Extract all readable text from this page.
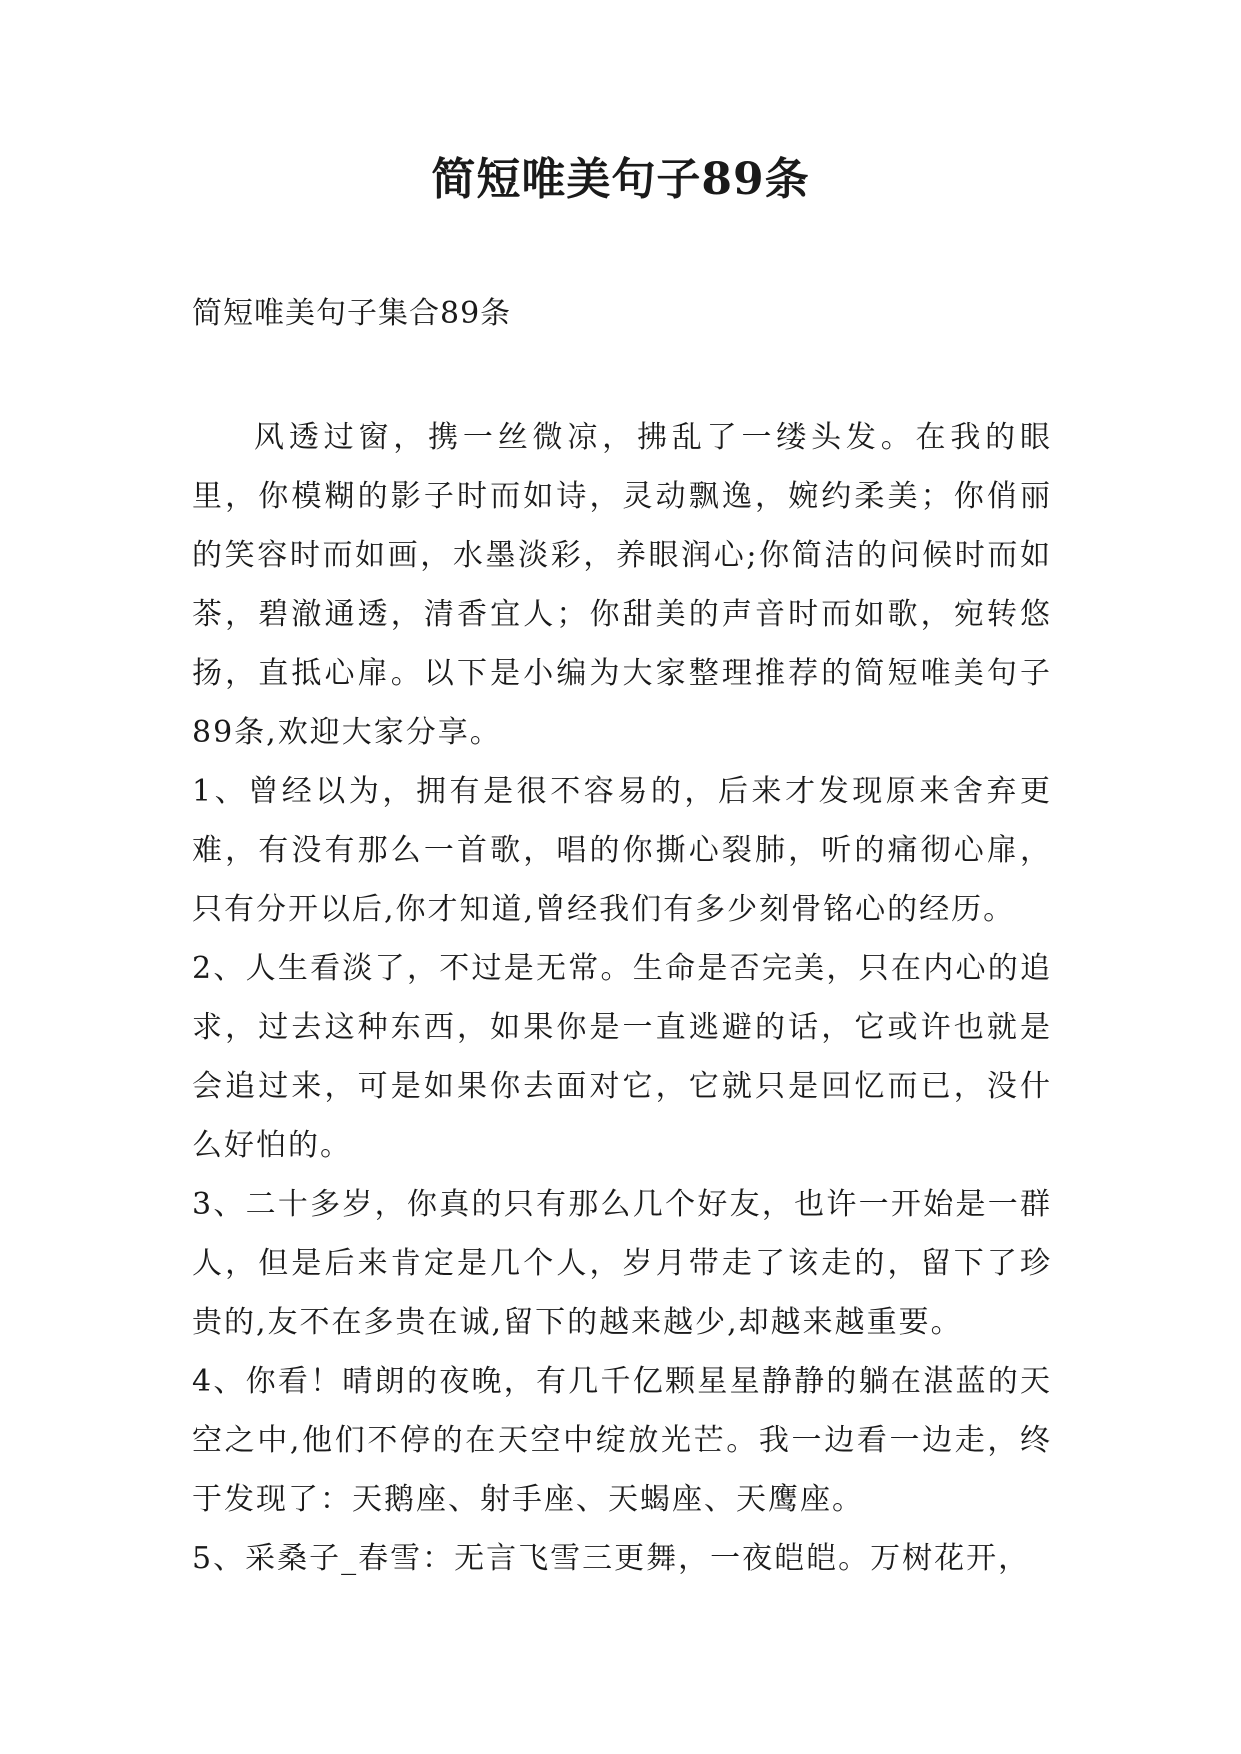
简短唯美句子89条
简短唯美句子集合89条

风透过窗，携一丝微凉，拂乱了一缕头发。在我的眼里，你模糊的影子时而如诗，灵动飘逸，婉约柔美；你俏丽的笑容时而如画，水墨淡彩，养眼润心;你简洁的问候时而如茶，碧澈通透，清香宜人；你甜美的声音时而如歌，宛转悠扬，直抵心扉。以下是小编为大家整理推荐的简短唯美句子89条,欢迎大家分享。

1、曾经以为，拥有是很不容易的，后来才发现原来舍弃更难，有没有那么一首歌，唱的你撕心裂肺，听的痛彻心扉，只有分开以后,你才知道,曾经我们有多少刻骨铭心的经历。

2、人生看淡了，不过是无常。生命是否完美，只在内心的追求，过去这种东西，如果你是一直逃避的话，它或许也就是会追过来，可是如果你去面对它，它就只是回忆而已，没什么好怕的。

3、二十多岁，你真的只有那么几个好友，也许一开始是一群人，但是后来肯定是几个人，岁月带走了该走的，留下了珍贵的,友不在多贵在诚,留下的越来越少,却越来越重要。

4、你看！晴朗的夜晚，有几千亿颗星星静静的躺在湛蓝的天空之中,他们不停的在天空中绽放光芒。我一边看一边走，终于发现了：天鹅座、射手座、天蝎座、天鹰座。

5、采桑子_春雪：无言飞雪三更舞，一夜皑皑。万树花开，
